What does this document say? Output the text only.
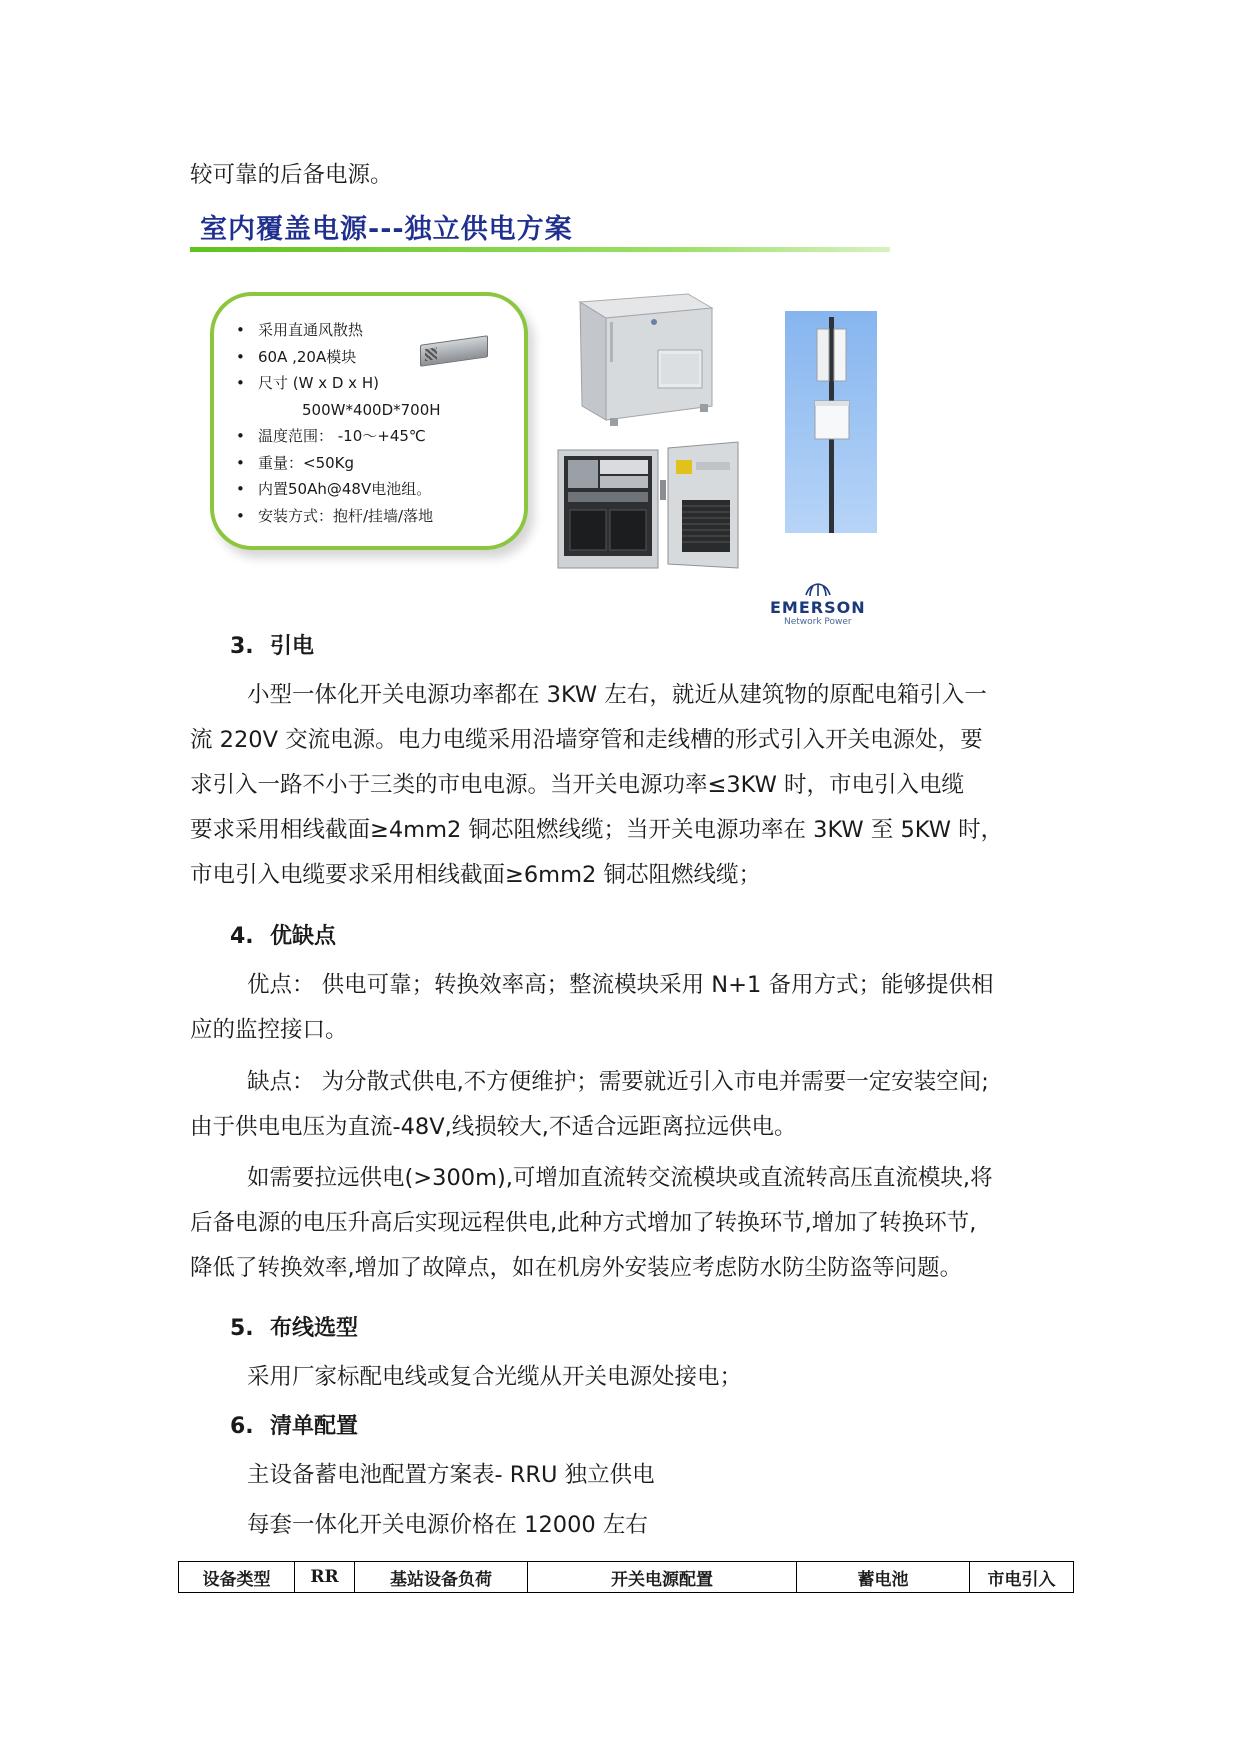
较可靠的后备电源。
室内覆盖电源---独立供电方案
• 采用直通风散热
• 60A ,20A模块
• 尺寸 (W x D x H)
500W*400D*700H
• 温度范围： -10～+45℃
• 重量：<50Kg
• 内置50Ah@48V电池组。
• 安装方式：抱杆/挂墙/落地
EMERSON
Network Power
3. 引电
小型一体化开关电源功率都在 3KW 左右，就近从建筑物的原配电箱引入一
流 220V 交流电源。电力电缆采用沿墙穿管和走线槽的形式引入开关电源处，要
求引入一路不小于三类的市电电源。当开关电源功率≤3KW 时，市电引入电缆
要求采用相线截面≥4mm2 铜芯阻燃线缆；当开关电源功率在 3KW 至 5KW 时，
市电引入电缆要求采用相线截面≥6mm2 铜芯阻燃线缆；
4. 优缺点
优点： 供电可靠；转换效率高；整流模块采用 N+1 备用方式；能够提供相
应的监控接口。
缺点： 为分散式供电,不方便维护；需要就近引入市电并需要一定安装空间;
由于供电电压为直流-48V,线损较大,不适合远距离拉远供电。
如需要拉远供电(>300m),可增加直流转交流模块或直流转高压直流模块,将
后备电源的电压升高后实现远程供电,此种方式增加了转换环节,增加了转换环节,
降低了转换效率,增加了故障点，如在机房外安装应考虑防水防尘防盗等问题。
5. 布线选型
采用厂家标配电线或复合光缆从开关电源处接电；
6. 清单配置
主设备蓄电池配置方案表- RRU 独立供电
每套一体化开关电源价格在 12000 左右
设备类型	RR	基站设备负荷	开关电源配置	蓄电池	市电引入
